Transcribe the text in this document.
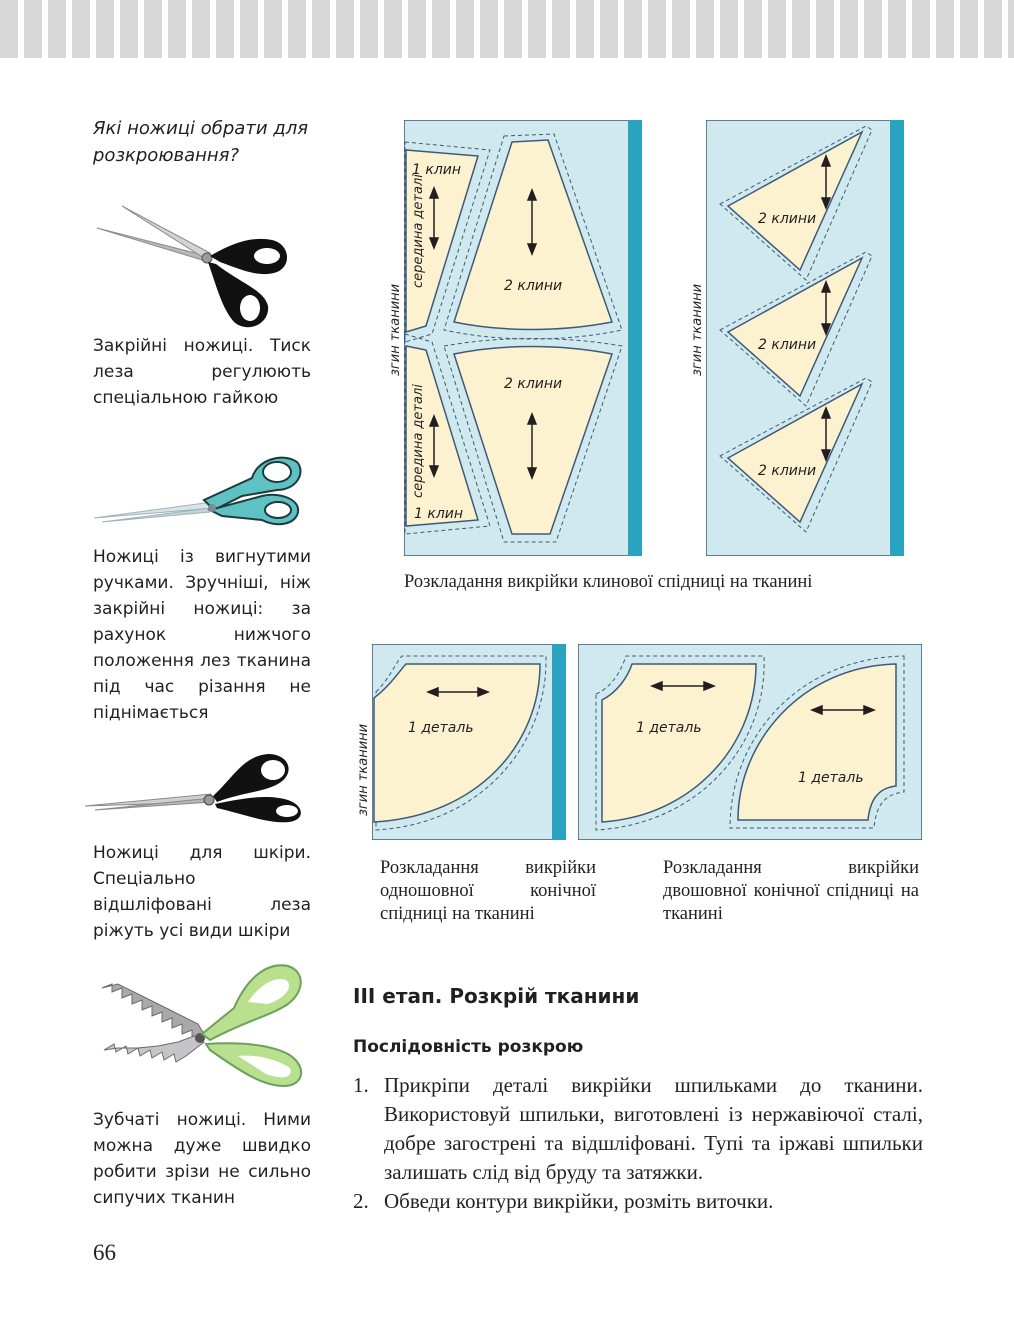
Які ножиці обрати для розкроювання?
Закрійні ножиці. Тиск леза регулюють спеціальною гайкою
Ножиці із вигнутими ручками. Зручніші, ніж закрійні ножиці: за рахунок нижчого положення лез тканина під час різання не піднімається
Ножиці для шкіри. Спеціально відшліфовані леза ріжуть усі види шкіри
Зубчаті ножиці. Ними можна дуже швидко робити зрізи не сильно сипучих тканин
1 клин
1 клин
2 клини
2 клини
середина деталі
середина деталі
згин тканини
2 клини
2 клини
2 клини
згин тканини
Розкладання викрійки клинової спідниці на тканині
1 деталь
згин тканини	1 деталь
1 деталь
Розкладання викрійки одношовної конічної спідниці на тканині
Розкладання викрійки двошовної конічної спідниці на тканині
ІІІ етап. Розкрій тканини
Послідовність розкрою
1. Прикріпи деталі викрійки шпильками до тканини. Використовуй шпильки, виготовлені із нержавіючої сталі, добре загострені та відшліфовані. Тупі та іржаві шпильки залишать слід від бруду та затяжки.
2. Обведи контури викрійки, розміть виточки.
66
